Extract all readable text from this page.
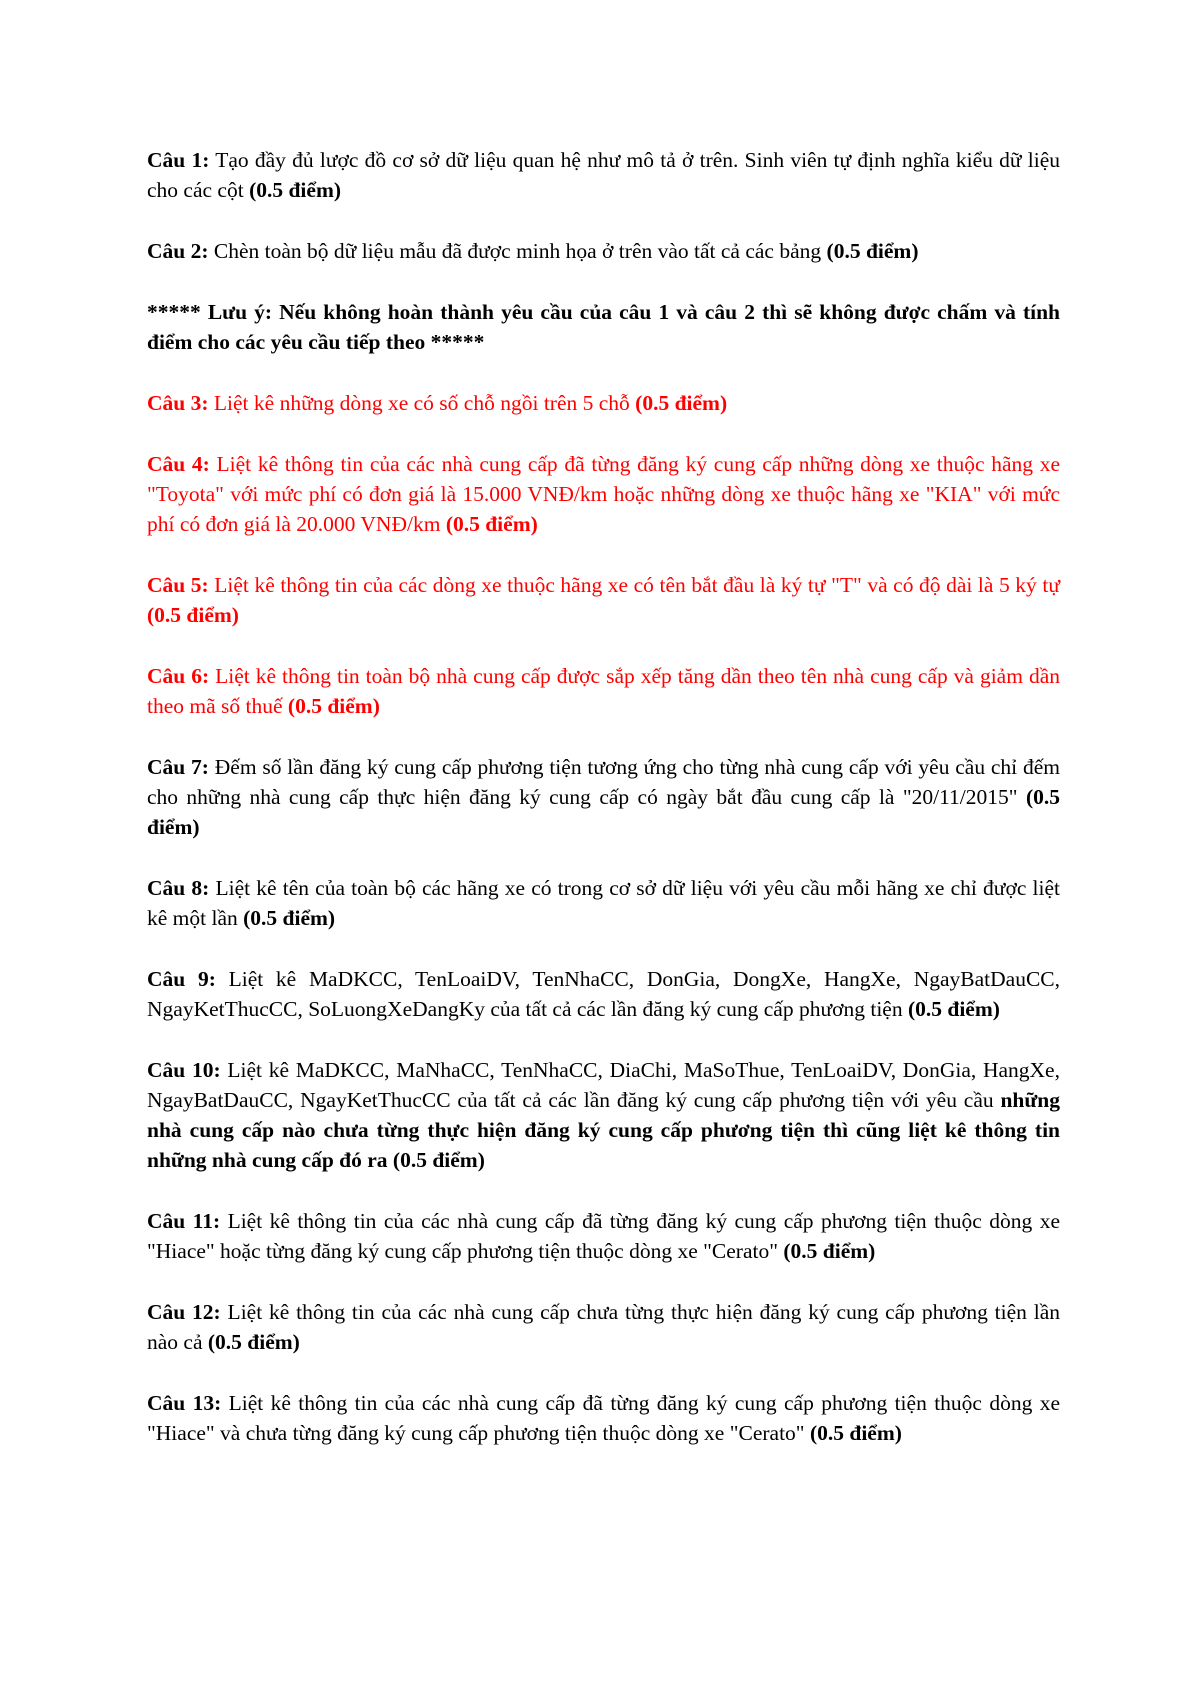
Câu 1: Tạo đầy đủ lược đồ cơ sở dữ liệu quan hệ như mô tả ở trên. Sinh viên tự định nghĩa kiểu dữ liệu cho các cột (0.5 điểm)

Câu 2: Chèn toàn bộ dữ liệu mẫu đã được minh họa ở trên vào tất cả các bảng (0.5 điểm)

***** Lưu ý: Nếu không hoàn thành yêu cầu của câu 1 và câu 2 thì sẽ không được chấm và tính điểm cho các yêu cầu tiếp theo *****

Câu 3: Liệt kê những dòng xe có số chỗ ngồi trên 5 chỗ (0.5 điểm)

Câu 4: Liệt kê thông tin của các nhà cung cấp đã từng đăng ký cung cấp những dòng xe thuộc hãng xe "Toyota" với mức phí có đơn giá là 15.000 VNĐ/km hoặc những dòng xe thuộc hãng xe "KIA" với mức phí có đơn giá là 20.000 VNĐ/km (0.5 điểm)

Câu 5: Liệt kê thông tin của các dòng xe thuộc hãng xe có tên bắt đầu là ký tự "T" và có độ dài là 5 ký tự (0.5 điểm)

Câu 6: Liệt kê thông tin toàn bộ nhà cung cấp được sắp xếp tăng dần theo tên nhà cung cấp và giảm dần theo mã số thuế (0.5 điểm)

Câu 7: Đếm số lần đăng ký cung cấp phương tiện tương ứng cho từng nhà cung cấp với yêu cầu chỉ đếm cho những nhà cung cấp thực hiện đăng ký cung cấp có ngày bắt đầu cung cấp là "20/11/2015" (0.5 điểm)

Câu 8: Liệt kê tên của toàn bộ các hãng xe có trong cơ sở dữ liệu với yêu cầu mỗi hãng xe chỉ được liệt kê một lần (0.5 điểm)

Câu 9: Liệt kê MaDKCC, TenLoaiDV, TenNhaCC, DonGia, DongXe, HangXe, NgayBatDauCC, NgayKetThucCC, SoLuongXeDangKy của tất cả các lần đăng ký cung cấp phương tiện (0.5 điểm)

Câu 10: Liệt kê MaDKCC, MaNhaCC, TenNhaCC, DiaChi, MaSoThue, TenLoaiDV, DonGia, HangXe, NgayBatDauCC, NgayKetThucCC của tất cả các lần đăng ký cung cấp phương tiện với yêu cầu những nhà cung cấp nào chưa từng thực hiện đăng ký cung cấp phương tiện thì cũng liệt kê thông tin những nhà cung cấp đó ra (0.5 điểm)

Câu 11: Liệt kê thông tin của các nhà cung cấp đã từng đăng ký cung cấp phương tiện thuộc dòng xe "Hiace" hoặc từng đăng ký cung cấp phương tiện thuộc dòng xe "Cerato" (0.5 điểm)

Câu 12: Liệt kê thông tin của các nhà cung cấp chưa từng thực hiện đăng ký cung cấp phương tiện lần nào cả (0.5 điểm)

Câu 13: Liệt kê thông tin của các nhà cung cấp đã từng đăng ký cung cấp phương tiện thuộc dòng xe "Hiace" và chưa từng đăng ký cung cấp phương tiện thuộc dòng xe "Cerato" (0.5 điểm)
